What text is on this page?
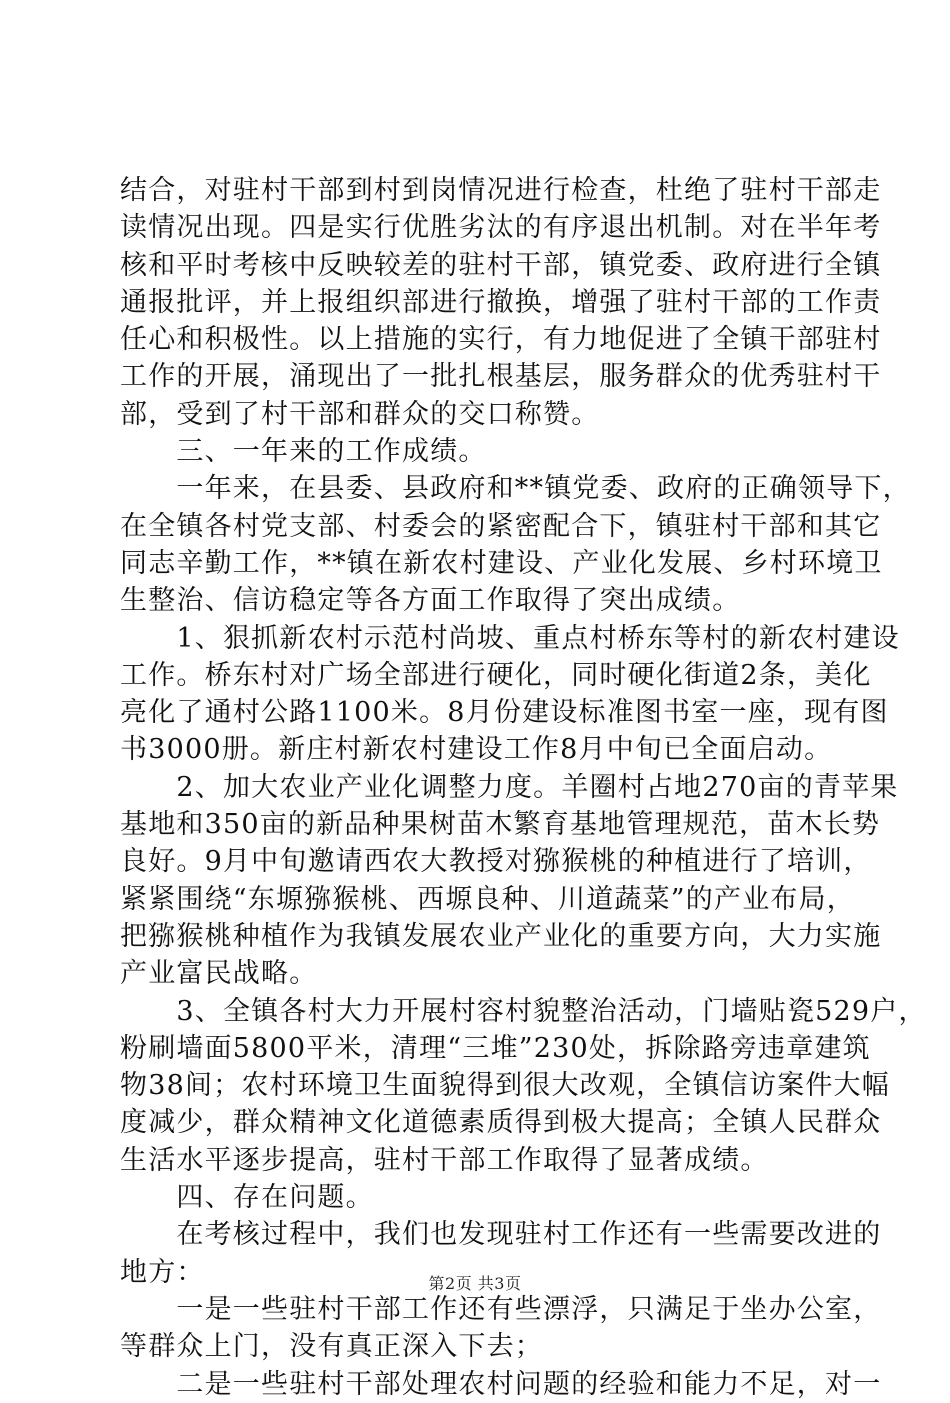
结合，对驻村干部到村到岗情况进行检查，杜绝了驻村干部走
读情况出现。四是实行优胜劣汰的有序退出机制。对在半年考
核和平时考核中反映较差的驻村干部，镇党委、政府进行全镇
通报批评，并上报组织部进行撤换，增强了驻村干部的工作责
任心和积极性。以上措施的实行，有力地促进了全镇干部驻村
工作的开展，涌现出了一批扎根基层，服务群众的优秀驻村干
部，受到了村干部和群众的交口称赞。
　　三、一年来的工作成绩。
　　一年来，在县委、县政府和**镇党委、政府的正确领导下，
在全镇各村党支部、村委会的紧密配合下，镇驻村干部和其它
同志辛勤工作，**镇在新农村建设、产业化发展、乡村环境卫
生整治、信访稳定等各方面工作取得了突出成绩。
　　1、狠抓新农村示范村尚坡、重点村桥东等村的新农村建设
工作。桥东村对广场全部进行硬化，同时硬化街道2条，美化
亮化了通村公路1100米。8月份建设标准图书室一座，现有图
书3000册。新庄村新农村建设工作8月中旬已全面启动。
　　2、加大农业产业化调整力度。羊圈村占地270亩的青苹果
基地和350亩的新品种果树苗木繁育基地管理规范，苗木长势
良好。9月中旬邀请西农大教授对猕猴桃的种植进行了培训，
紧紧围绕“东塬猕猴桃、西塬良种、川道蔬菜”的产业布局，
把猕猴桃种植作为我镇发展农业产业化的重要方向，大力实施
产业富民战略。
　　3、全镇各村大力开展村容村貌整治活动，门墙贴瓷529户，
粉刷墙面5800平米，清理“三堆”230处，拆除路旁违章建筑
物38间；农村环境卫生面貌得到很大改观，全镇信访案件大幅
度减少，群众精神文化道德素质得到极大提高；全镇人民群众
生活水平逐步提高，驻村干部工作取得了显著成绩。
　　四、存在问题。
　　在考核过程中，我们也发现驻村工作还有一些需要改进的
地方：
　　一是一些驻村干部工作还有些漂浮，只满足于坐办公室，
等群众上门，没有真正深入下去；
　　二是一些驻村干部处理农村问题的经验和能力不足，对一
第2页 共3页
